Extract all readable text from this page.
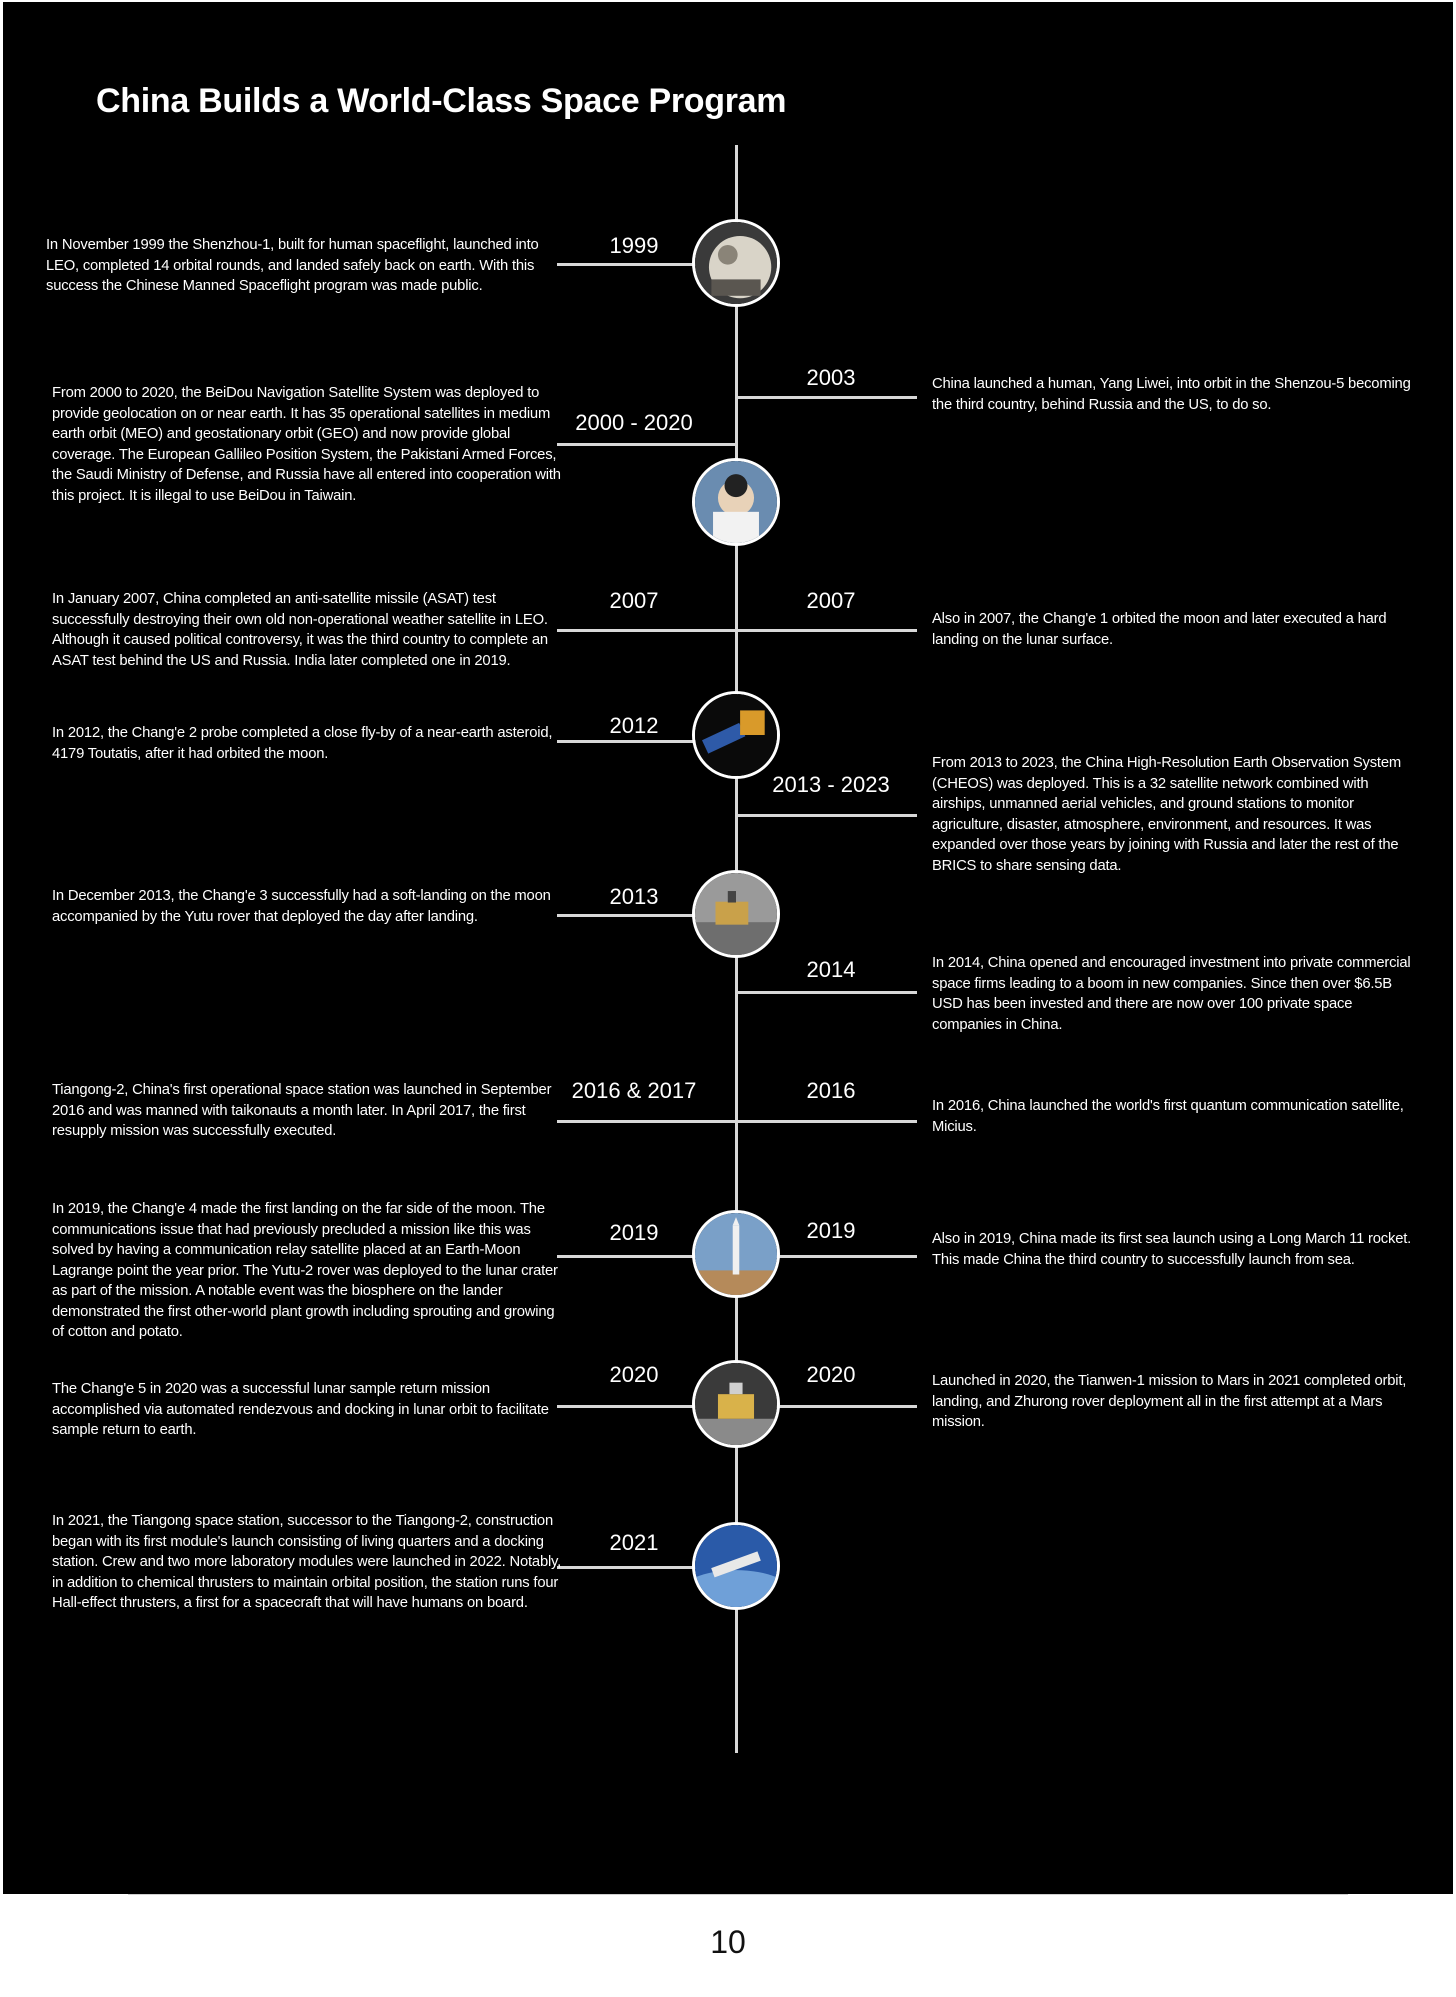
China Builds a World-Class Space Program
1999
In November 1999 the Shenzhou-1, built for human spaceflight, launched into LEO, completed 14 orbital rounds, and landed safely back on earth. With this success the Chinese Manned Spaceflight program was made public.
2003	China launched a human, Yang Liwei, into orbit in the Shenzou-5 becoming the third country, behind Russia and the US, to do so.
2000 - 2020
From 2000 to 2020, the BeiDou Navigation Satellite System was deployed to provide geolocation on or near earth. It has 35 operational satellites in medium earth orbit (MEO) and geostationary orbit (GEO) and now provide global coverage. The European Gallileo Position System, the Pakistani Armed Forces, the Saudi Ministry of Defense, and Russia have all entered into cooperation with this project. It is illegal to use BeiDou in Taiwain.
2007
In January 2007, China completed an anti-satellite missile (ASAT) test successfully destroying their own old non-operational weather satellite in LEO. Although it caused political controversy, it was the third country to complete an ASAT test behind the US and Russia. India later completed one in 2019.
2007
Also in 2007, the Chang'e 1 orbited the moon and later executed a hard landing on the lunar surface.
2012
In 2012, the Chang'e 2 probe completed a close fly-by of a near-earth asteroid, 4179 Toutatis, after it had orbited the moon.
2013 - 2023
From 2013 to 2023, the China High-Resolution Earth Observation System (CHEOS) was deployed. This is a 32 satellite network combined with airships, unmanned aerial vehicles, and ground stations to monitor agriculture, disaster, atmosphere, environment, and resources. It was expanded over those years by joining with Russia and later the rest of the BRICS to share sensing data.
2013
In December 2013, the Chang'e 3 successfully had a soft-landing on the moon accompanied by the Yutu rover that deployed the day after landing.
2014	In 2014, China opened and encouraged investment into private commercial space firms leading to a boom in new companies. Since then over $6.5B USD has been invested and there are now over 100 private space companies in China.
2016 & 2017
Tiangong-2, China's first operational space station was launched in September 2016 and was manned with taikonauts a month later. In April 2017, the first resupply mission was successfully executed.
2016
In 2016, China launched the world's first quantum communication satellite, Micius.
2019
In 2019, the Chang'e 4 made the first landing on the far side of the moon. The communications issue that had previously precluded a mission like this was solved by having a communication relay satellite placed at an Earth-Moon Lagrange point the year prior. The Yutu-2 rover was deployed to the lunar crater as part of the mission. A notable event was the biosphere on the lander demonstrated the first other-world plant growth including sprouting and growing of cotton and potato.
2019	Also in 2019, China made its first sea launch using a Long March 11 rocket. This made China the third country to successfully launch from sea.
2020
The Chang'e 5 in 2020 was a successful lunar sample return mission accomplished via automated rendezvous and docking in lunar orbit to facilitate sample return to earth.
2020	Launched in 2020, the Tianwen-1 mission to Mars in 2021 completed orbit, landing, and Zhurong rover deployment all in the first attempt at a Mars mission.
2021
In 2021, the Tiangong space station, successor to the Tiangong-2, construction began with its first module's launch consisting of living quarters and a docking station. Crew and two more laboratory modules were launched in 2022. Notably, in addition to chemical thrusters to maintain orbital position, the station runs four Hall-effect thrusters, a first for a spacecraft that will have humans on board.
10
